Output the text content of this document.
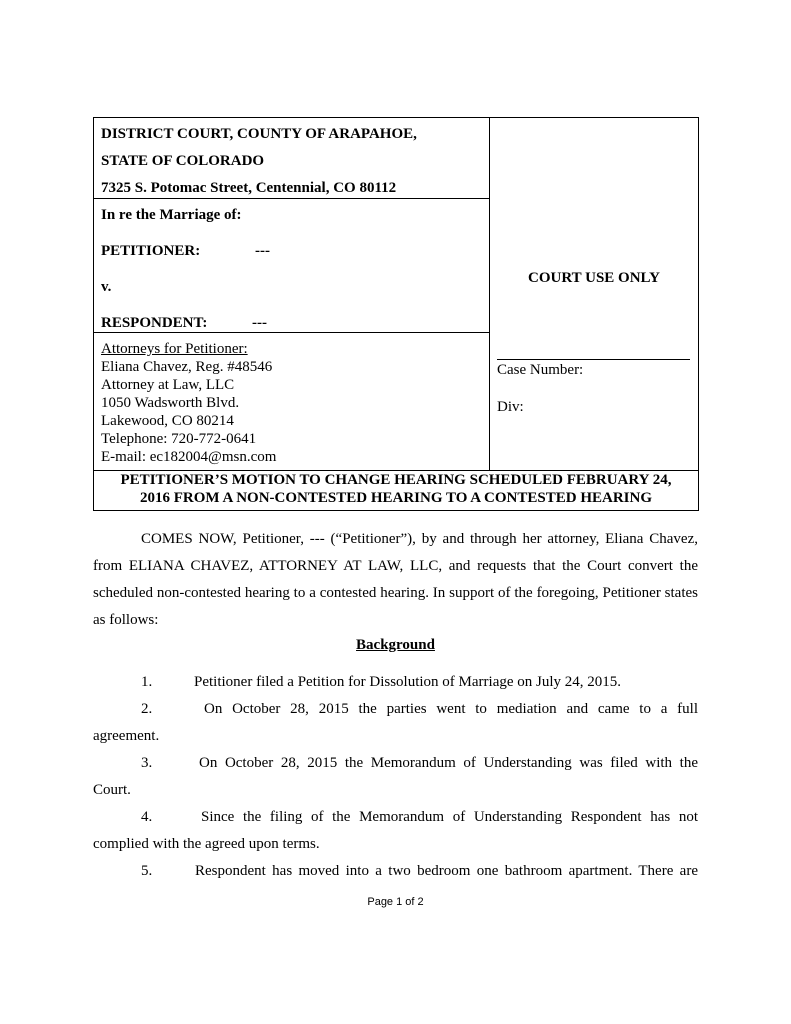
DISTRICT COURT, COUNTY OF ARAPAHOE,
STATE OF COLORADO
7325 S. Potomac Street, Centennial, CO 80112
In re the Marriage of:
PETITIONER:	---
v.
RESPONDENT:	---
 COURT USE ONLY 
Attorneys for Petitioner:
Eliana Chavez, Reg. #48546
Attorney at Law, LLC
1050 Wadsworth Blvd.
Lakewood, CO 80214
Telephone: 720-772-0641
E-mail: ec182004@msn.com
Case Number:
Div:
PETITIONER’S MOTION TO CHANGE HEARING SCHEDULED FEBRUARY 24,
2016 FROM A NON-CONTESTED HEARING TO A CONTESTED HEARING
COMES NOW, Petitioner, --- (“Petitioner”), by and through her attorney, Eliana Chavez, from ELIANA CHAVEZ, ATTORNEY AT LAW, LLC, and requests that the Court convert the scheduled non-contested hearing to a contested hearing. In support of the foregoing, Petitioner states as follows:
Background
1.	Petitioner filed a Petition for Dissolution of Marriage on July 24, 2015.
2.	On October 28, 2015 the parties went to mediation and came to a full
agreement.
3.	On October 28, 2015 the Memorandum of Understanding was filed with the
Court.
4.	Since the filing of the Memorandum of Understanding Respondent has not
complied with the agreed upon terms.
5.	Respondent has moved into a two bedroom one bathroom apartment. There are
Page 1 of 2
